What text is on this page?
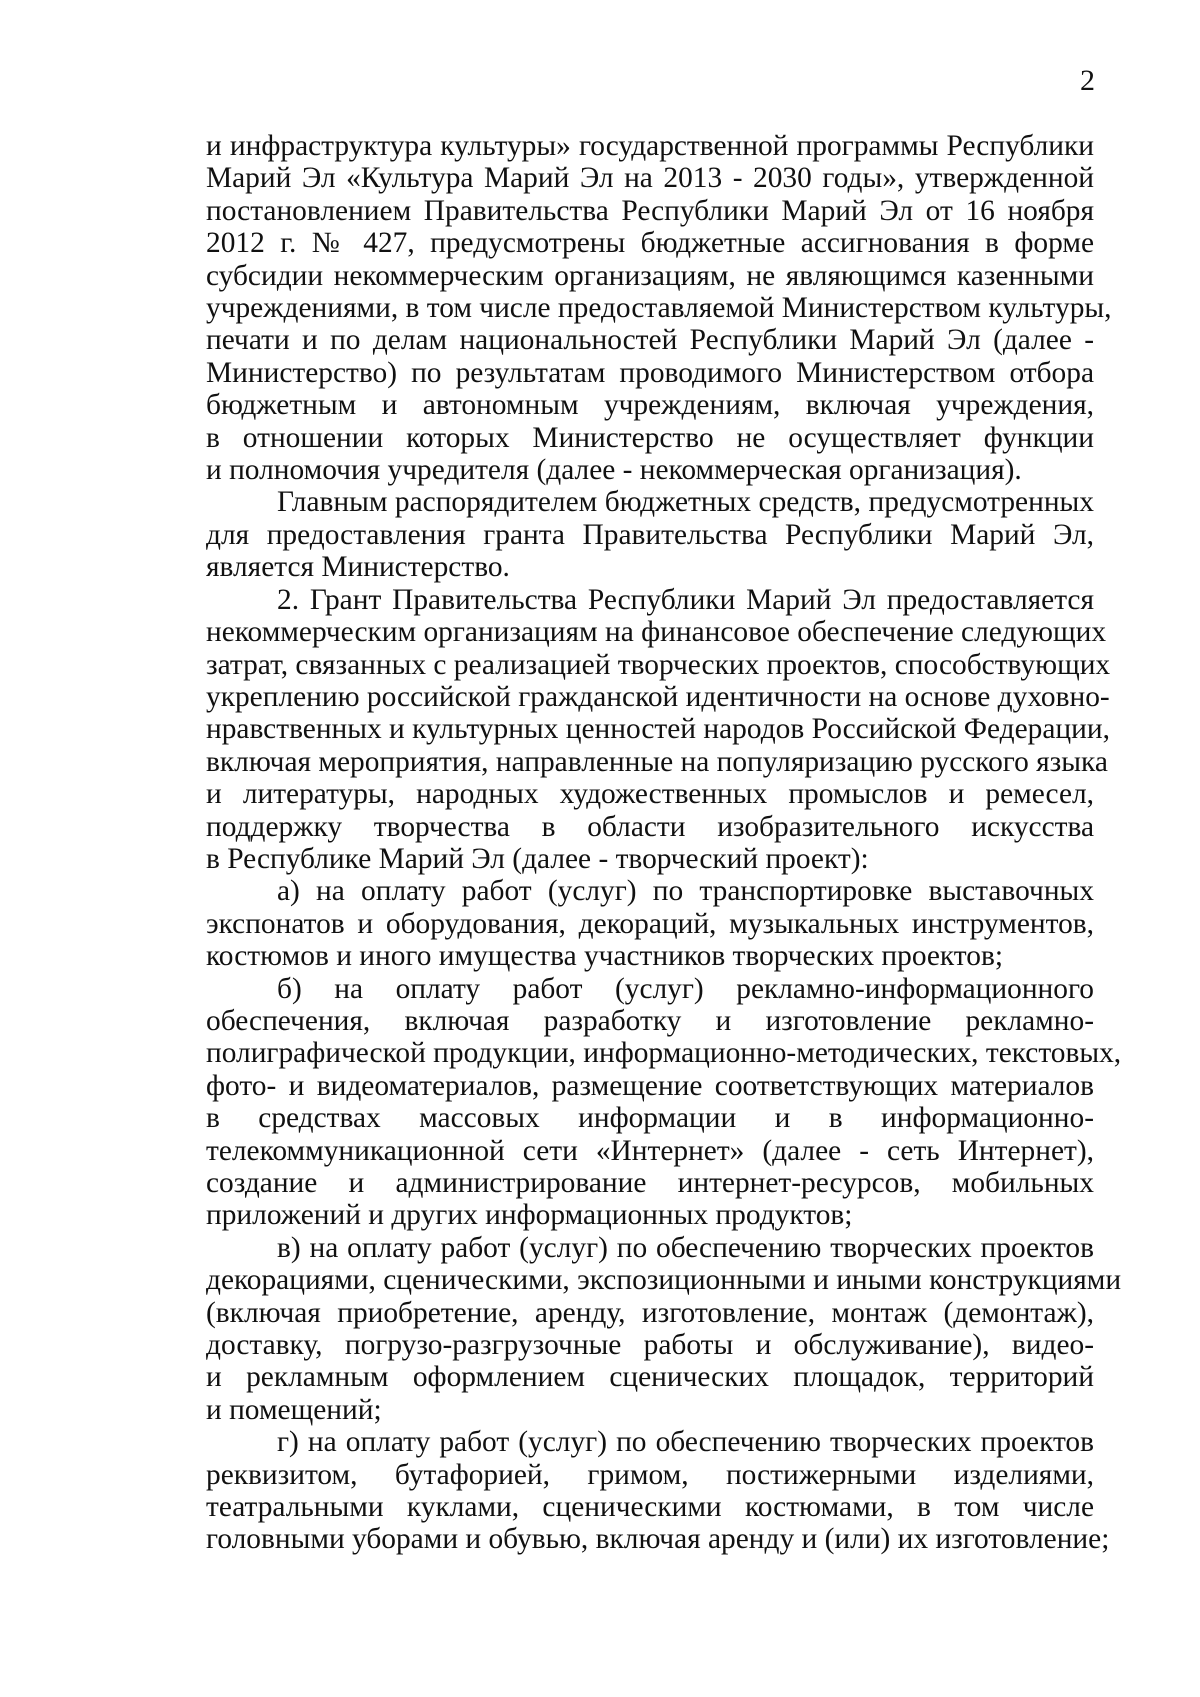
2
и инфраструктура культуры» государственной программы Республики
Марий Эл «Культура Марий Эл на 2013 - 2030 годы», утвержденной
постановлением Правительства Республики Марий Эл от 16 ноября
2012 г. № 427, предусмотрены бюджетные ассигнования в форме
субсидии некоммерческим организациям, не являющимся казенными
учреждениями, в том числе предоставляемой Министерством культуры,
печати и по делам национальностей Республики Марий Эл (далее -
Министерство) по результатам проводимого Министерством отбора
бюджетным и автономным учреждениям, включая учреждения,
в отношении которых Министерство не осуществляет функции
и полномочия учредителя (далее - некоммерческая организация).
Главным распорядителем бюджетных средств, предусмотренных
для предоставления гранта Правительства Республики Марий Эл,
является Министерство.
2. Грант Правительства Республики Марий Эл предоставляется
некоммерческим организациям на финансовое обеспечение следующих
затрат, связанных с реализацией творческих проектов, способствующих
укреплению российской гражданской идентичности на основе духовно-
нравственных и культурных ценностей народов Российской Федерации,
включая мероприятия, направленные на популяризацию русского языка
и литературы, народных художественных промыслов и ремесел,
поддержку творчества в области изобразительного искусства
в Республике Марий Эл (далее - творческий проект):
а) на оплату работ (услуг) по транспортировке выставочных
экспонатов и оборудования, декораций, музыкальных инструментов,
костюмов и иного имущества участников творческих проектов;
б) на оплату работ (услуг) рекламно-информационного
обеспечения, включая разработку и изготовление рекламно-
полиграфической продукции, информационно-методических, текстовых,
фото- и видеоматериалов, размещение соответствующих материалов
в средствах массовых информации и в информационно-
телекоммуникационной сети «Интернет» (далее - сеть Интернет),
создание и администрирование интернет-ресурсов, мобильных
приложений и других информационных продуктов;
в) на оплату работ (услуг) по обеспечению творческих проектов
декорациями, сценическими, экспозиционными и иными конструкциями
(включая приобретение, аренду, изготовление, монтаж (демонтаж),
доставку, погрузо-разгрузочные работы и обслуживание), видео-
и рекламным оформлением сценических площадок, территорий
и помещений;
г) на оплату работ (услуг) по обеспечению творческих проектов
реквизитом, бутафорией, гримом, постижерными изделиями,
театральными куклами, сценическими костюмами, в том числе
головными уборами и обувью, включая аренду и (или) их изготовление;
